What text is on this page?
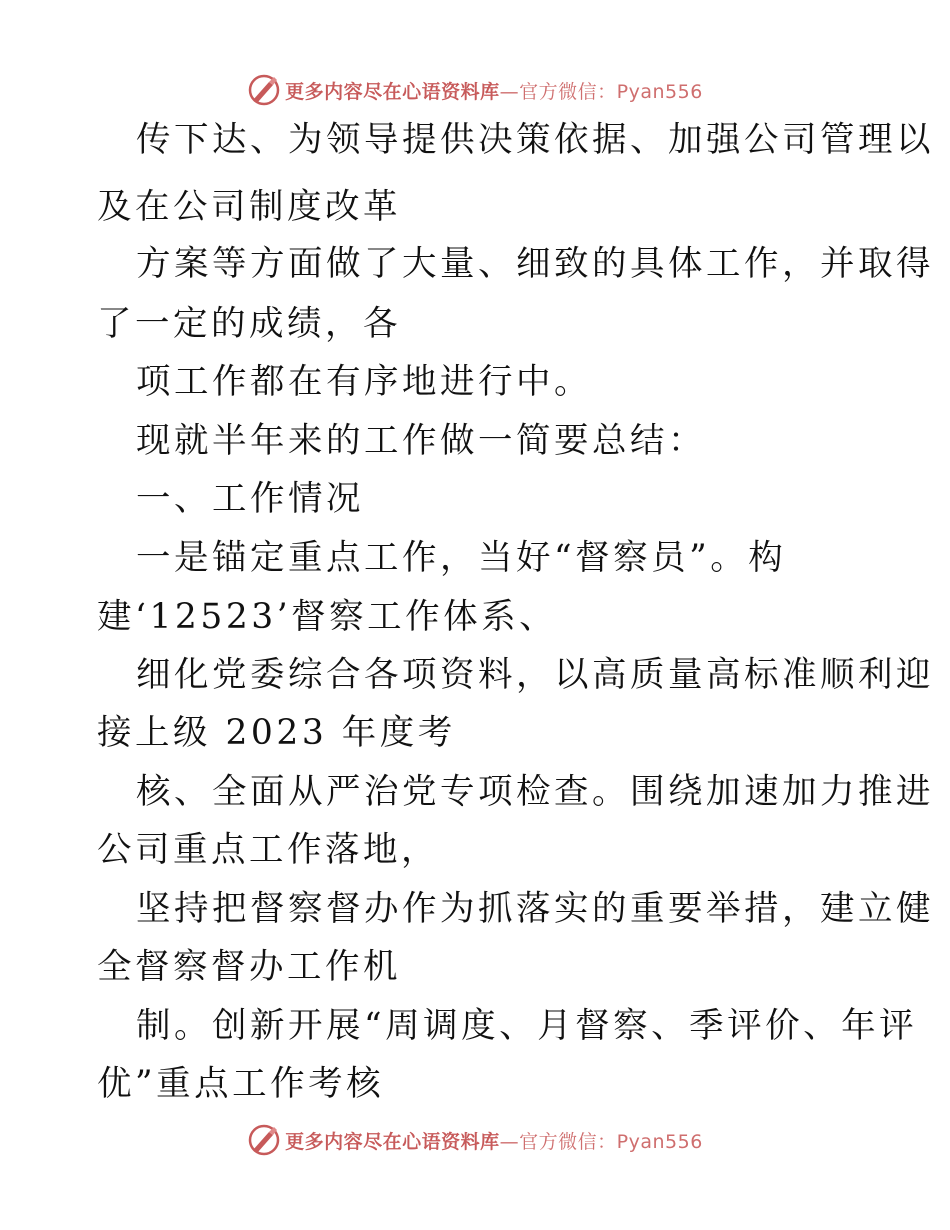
更多内容尽在心语资料库—官方微信：Pyan556
传下达、为领导提供决策依据、加强公司管理以
及在公司制度改革
方案等方面做了大量、细致的具体工作，并取得
了一定的成绩，各
项工作都在有序地进行中。
现就半年来的工作做一简要总结：
一、工作情况
一是锚定重点工作，当好“督察员”。构
建‘12523’督察工作体系、
细化党委综合各项资料，以高质量高标准顺利迎
接上级 2023 年度考
核、全面从严治党专项检查。围绕加速加力推进
公司重点工作落地，
坚持把督察督办作为抓落实的重要举措，建立健
全督察督办工作机
制。创新开展“周调度、月督察、季评价、年评
优”重点工作考核
更多内容尽在心语资料库—官方微信：Pyan556
